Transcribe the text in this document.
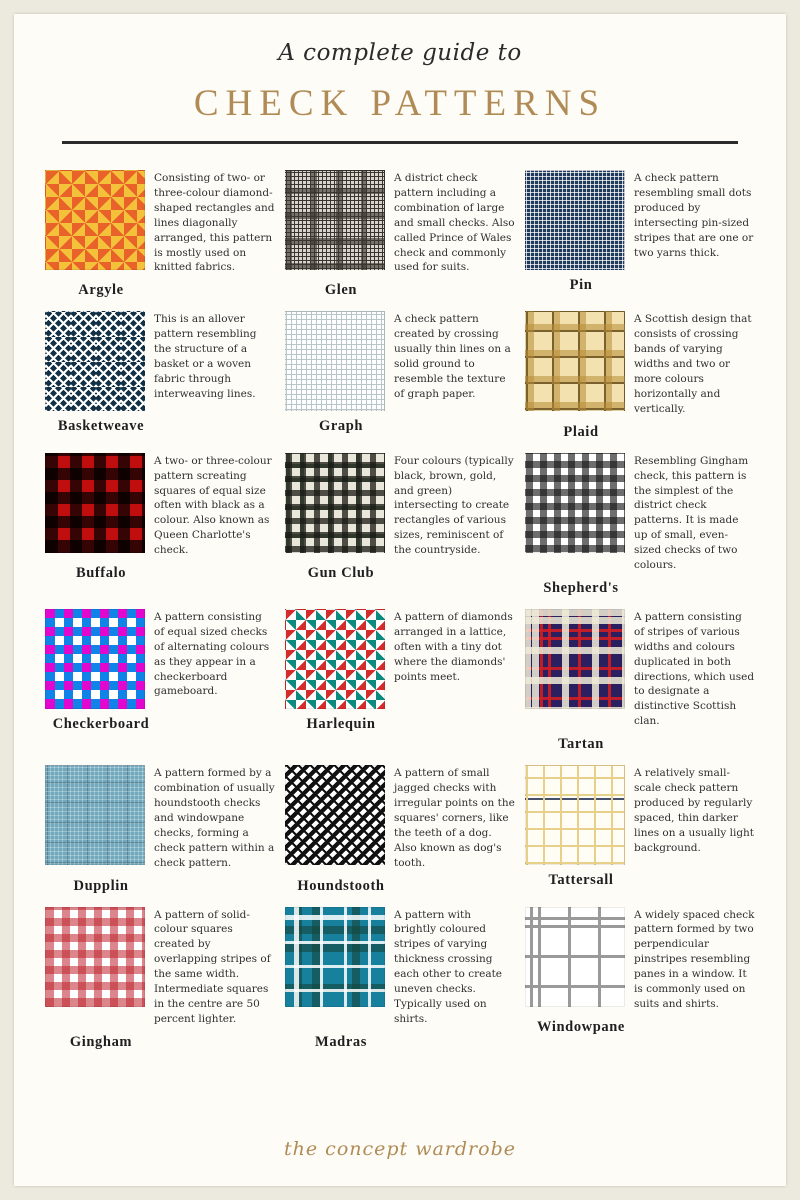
A complete guide to
CHECK PATTERNS
Consisting of two- or three-colour diamond-shaped rectangles and lines diagonally arranged, this pattern is mostly used on knitted fabrics.
Argyle
A district check pattern including a combination of large and small checks. Also called Prince of Wales check and commonly used for suits.
Glen
A check pattern resembling small dots produced by intersecting pin-sized stripes that are one or two yarns thick.
Pin
This is an allover pattern resembling the structure of a basket or a woven fabric through interweaving lines.
Basketweave
A check pattern created by crossing usually thin lines on a solid ground to resemble the texture of graph paper.
Graph
A Scottish design that consists of crossing bands of varying widths and two or more colours horizontally and vertically.
Plaid
A two- or three-colour pattern screating squares of equal size often with black as a colour. Also known as Queen Charlotte's check.
Buffalo
Four colours (typically black, brown, gold, and green) intersecting to create rectangles of various sizes, reminiscent of the countryside.
Gun Club
Resembling Gingham check, this pattern is the simplest of the district check patterns. It is made up of small, even-sized checks of two colours.
Shepherd's
A pattern consisting of equal sized checks of alternating colours as they appear in a checkerboard gameboard.
Checkerboard
A pattern of diamonds arranged in a lattice, often with a tiny dot where the diamonds' points meet.
Harlequin
A pattern consisting of stripes of various widths and colours duplicated in both directions, which used to designate a distinctive Scottish clan.
Tartan
A pattern formed by a combination of usually houndstooth checks and windowpane checks, forming a check pattern within a check pattern.
Dupplin
A pattern of small jagged checks with irregular points on the squares' corners, like the teeth of a dog. Also known as dog's tooth.
Houndstooth
A relatively small-scale check pattern produced by regularly spaced, thin darker lines on a usually light background.
Tattersall
A pattern of solid-colour squares created by overlapping stripes of the same width. Intermediate squares in the centre are 50 percent lighter.
Gingham
A pattern with brightly coloured stripes of varying thickness crossing each other to create uneven checks. Typically used on shirts.
Madras
A widely spaced check pattern formed by two perpendicular pinstripes resembling panes in a window. It is commonly used on suits and shirts.
Windowpane
the concept wardrobe
